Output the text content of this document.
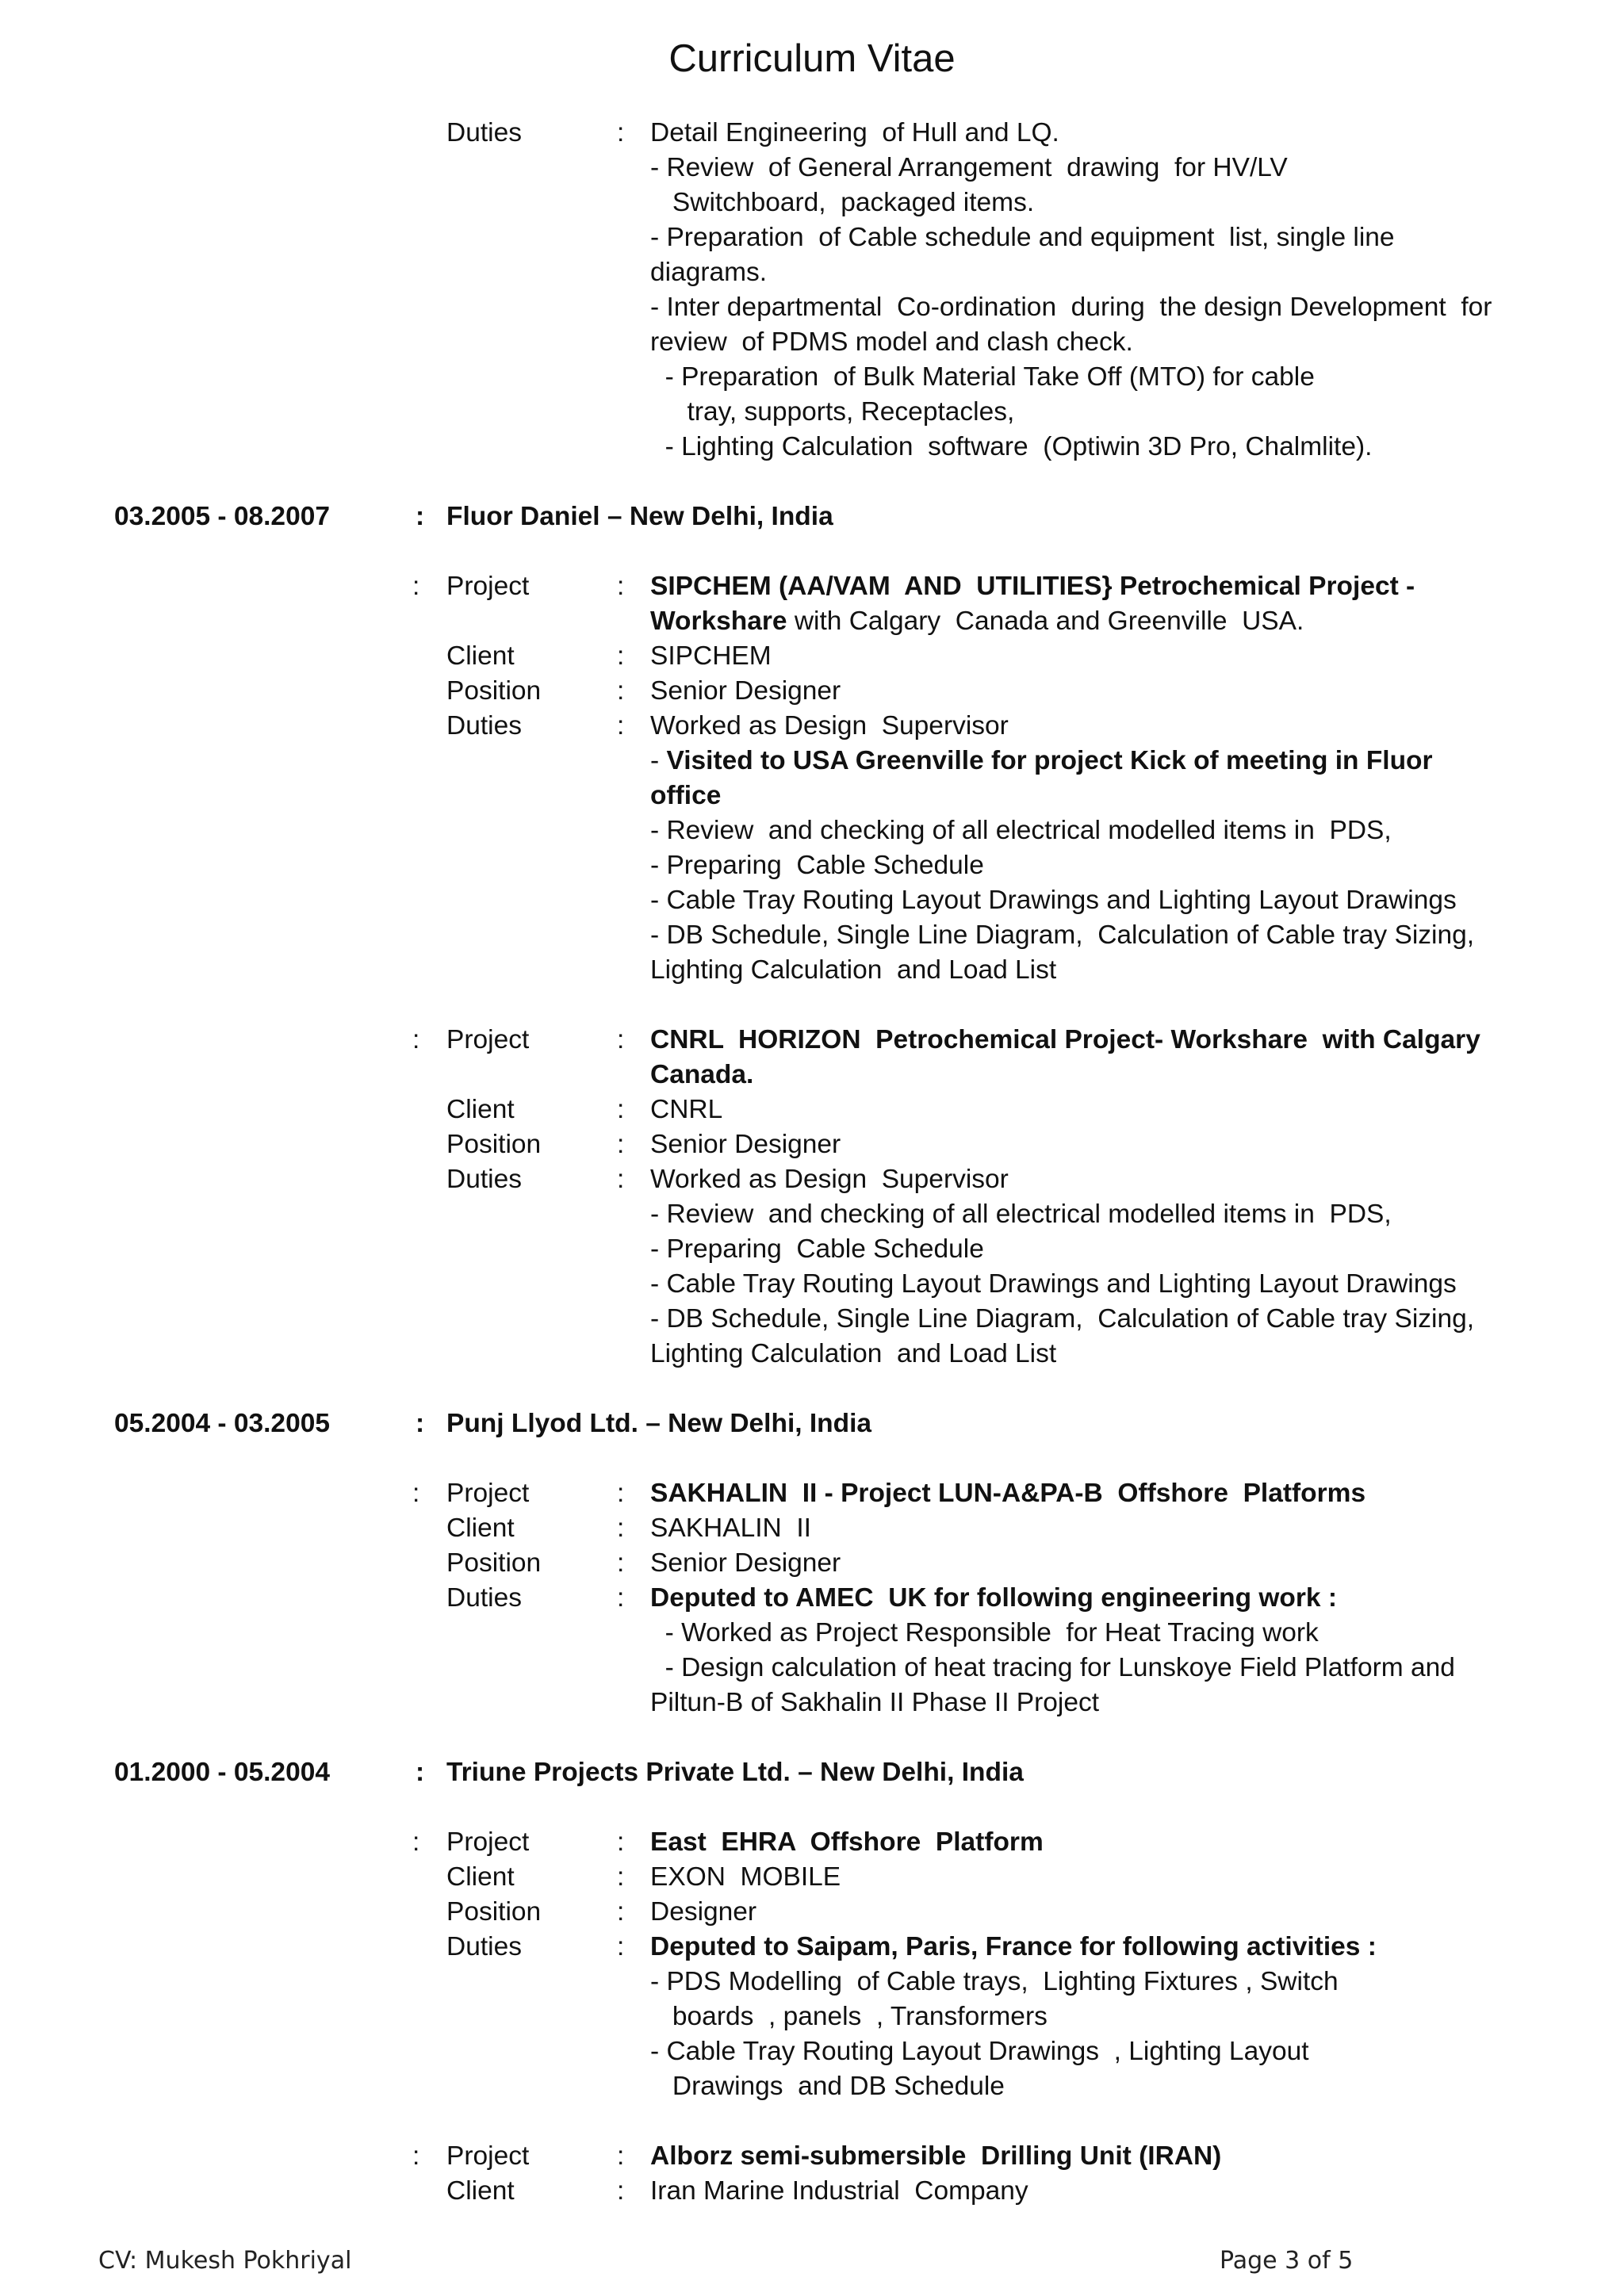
Curriculum Vitae
Duties	: Detail Engineering  of Hull and LQ.
- Review  of General Arrangement  drawing  for HV/LV
Switchboard,  packaged items.
- Preparation  of Cable schedule and equipment  list, single line
diagrams.
- Inter departmental  Co-ordination  during  the design Development  for
review  of PDMS model and clash check.
- Preparation  of Bulk Material Take Off (MTO) for cable
tray, supports, Receptacles,
- Lighting Calculation  software  (Optiwin 3D Pro, Chalmlite).
03.2005 - 08.2007	: Fluor Daniel – New Delhi, India
: Project	: SIPCHEM (AA/VAM  AND  UTILITIES} Petrochemical Project -
Workshare with Calgary  Canada and Greenville  USA.
Client	: SIPCHEM
Position	: Senior Designer
Duties	: Worked as Design  Supervisor
- Visited to USA Greenville for project Kick of meeting in Fluor
office
- Review  and checking of all electrical modelled items in  PDS,
- Preparing  Cable Schedule
- Cable Tray Routing Layout Drawings and Lighting Layout Drawings
- DB Schedule, Single Line Diagram,  Calculation of Cable tray Sizing,
Lighting Calculation  and Load List
: Project	: CNRL  HORIZON  Petrochemical Project- Workshare  with Calgary
Canada.
Client	: CNRL
Position	: Senior Designer
Duties	: Worked as Design  Supervisor
- Review  and checking of all electrical modelled items in  PDS,
- Preparing  Cable Schedule
- Cable Tray Routing Layout Drawings and Lighting Layout Drawings
- DB Schedule, Single Line Diagram,  Calculation of Cable tray Sizing,
Lighting Calculation  and Load List
05.2004 - 03.2005	: Punj Llyod Ltd. – New Delhi, India
: Project	: SAKHALIN  II - Project LUN-A&PA-B  Offshore  Platforms
Client	: SAKHALIN  II
Position	: Senior Designer
Duties	: Deputed to AMEC  UK for following engineering work :
- Worked as Project Responsible  for Heat Tracing work
- Design calculation of heat tracing for Lunskoye Field Platform and
Piltun-B of Sakhalin II Phase II Project
01.2000 - 05.2004	: Triune Projects Private Ltd. – New Delhi, India
: Project	: East  EHRA  Offshore  Platform
Client	: EXON  MOBILE
Position	: Designer
Duties	: Deputed to Saipam, Paris, France for following activities :
- PDS Modelling  of Cable trays,  Lighting Fixtures , Switch
boards  , panels  , Transformers
- Cable Tray Routing Layout Drawings  , Lighting Layout
Drawings  and DB Schedule
: Project	: Alborz semi-submersible  Drilling Unit (IRAN)
Client	: Iran Marine Industrial  Company
CV: Mukesh Pokhriyal	Page 3 of 5
